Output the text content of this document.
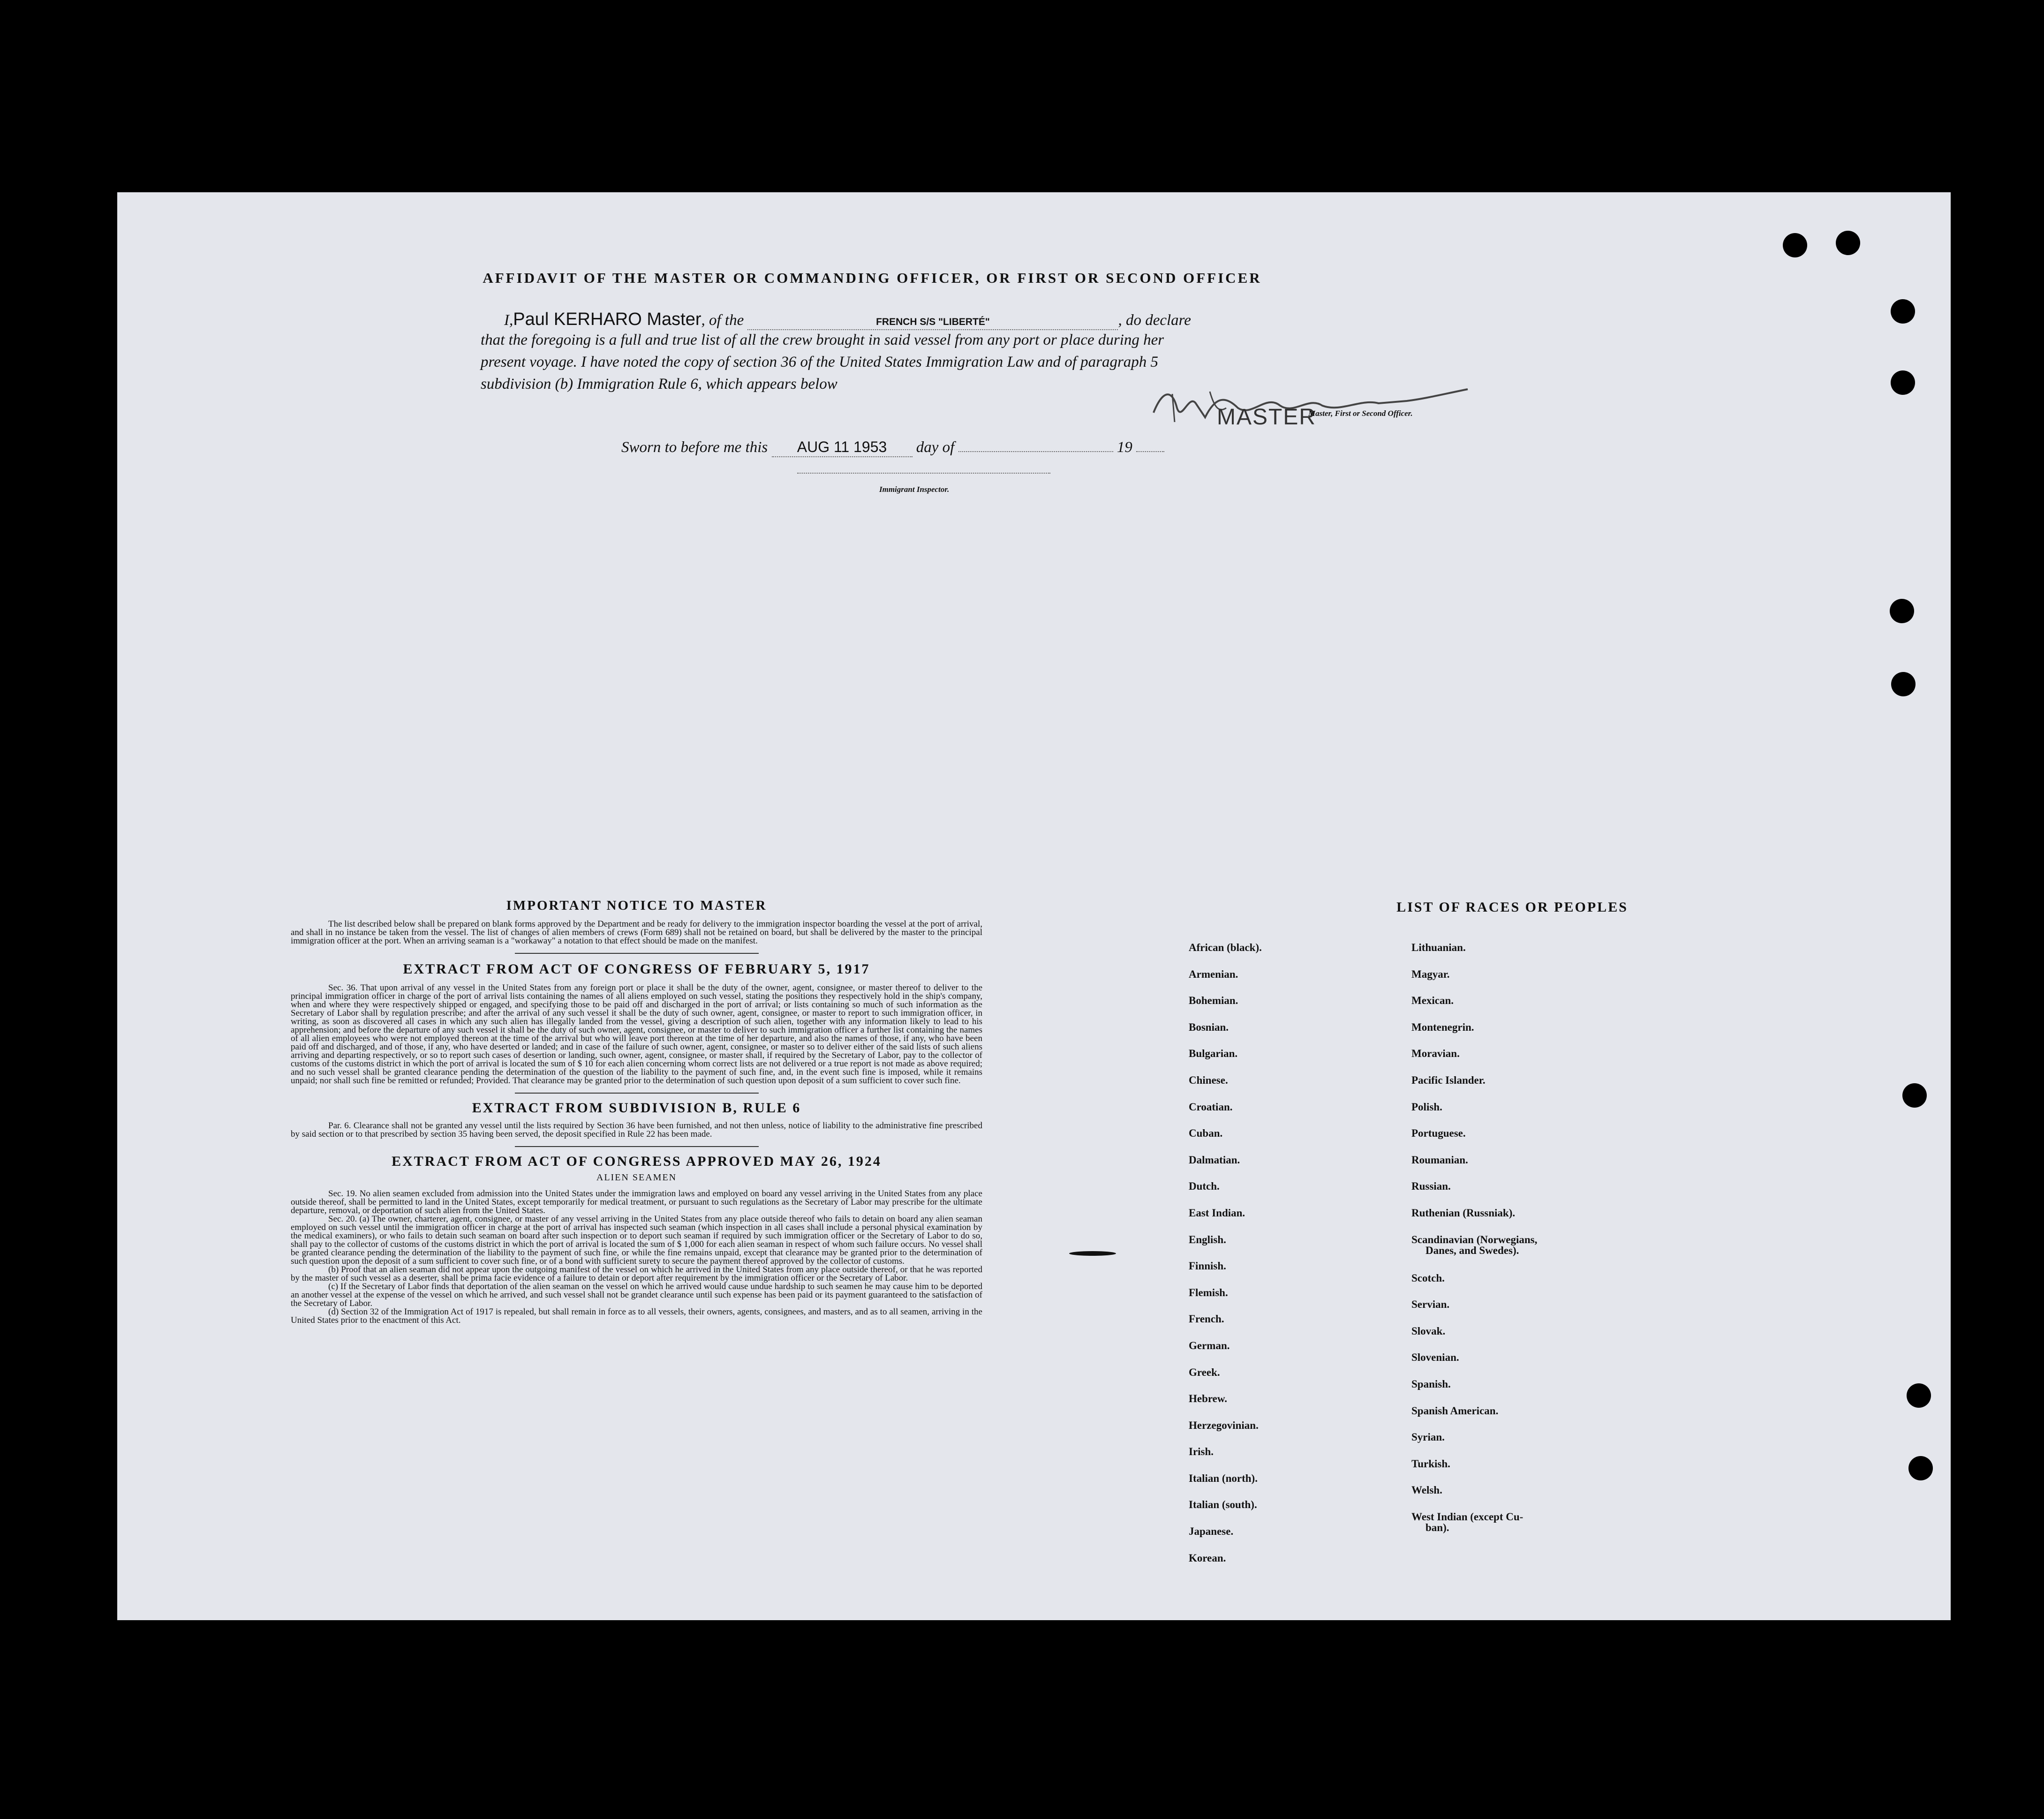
AFFIDAVIT OF THE MASTER OR COMMANDING OFFICER, OR FIRST OR SECOND OFFICER
I,Paul KERHARO Master, of the	FRENCH S/S "LIBERTÉ"	, do declare
that the foregoing is a full and true list of all the crew brought in said vessel from any port or place during her
present voyage. I have noted the copy of section 36 of the United States Immigration Law and of paragraph 5
subdivision (b) Immigration Rule 6, which appears below
MASTER
Master, First or Second Officer.
Sworn to before me this AUG 11 1953 day of	19
Immigrant Inspector.
IMPORTANT NOTICE TO MASTER

The list described below shall be prepared on blank forms approved by the Department and be ready for delivery to the immigration inspector boarding the vessel at the port of arrival, and shall in no instance be taken from the vessel. The list of changes of alien members of crews (Form 689) shall not be retained on board, but shall be delivered by the master to the principal immigration officer at the port. When an arriving seaman is a "workaway" a notation to that effect should be made on the manifest.

EXTRACT FROM ACT OF CONGRESS OF FEBRUARY 5, 1917

Sec. 36. That upon arrival of any vessel in the United States from any foreign port or place it shall be the duty of the owner, agent, consignee, or master thereof to deliver to the principal immigration officer in charge of the port of arrival lists containing the names of all aliens employed on such vessel, stating the positions they respectively hold in the ship's company, when and where they were respectively shipped or engaged, and specifying those to be paid off and discharged in the port of arrival; or lists containing so much of such information as the Secretary of Labor shall by regulation prescribe; and after the arrival of any such vessel it shall be the duty of such owner, agent, consignee, or master to report to such immigration officer, in writing, as soon as discovered all cases in which any such alien has illegally landed from the vessel, giving a description of such alien, together with any information likely to lead to his apprehension; and before the departure of any such vessel it shall be the duty of such owner, agent, consignee, or master to deliver to such immigration officer a further list containing the names of all alien employees who were not employed thereon at the time of the arrival but who will leave port thereon at the time of her departure, and also the names of those, if any, who have been paid off and discharged, and of those, if any, who have deserted or landed; and in case of the failure of such owner, agent, consignee, or master so to deliver either of the said lists of such aliens arriving and departing respectively, or so to report such cases of desertion or landing, such owner, agent, consignee, or master shall, if required by the Secretary of Labor, pay to the collector of customs of the customs district in which the port of arrival is located the sum of $ 10 for each alien concerning whom correct lists are not delivered or a true report is not made as above required; and no such vessel shall be granted clearance pending the determination of the question of the liability to the payment of such fine, and, in the event such fine is imposed, while it remains unpaid; nor shall such fine be remitted or refunded; Provided. That clearance may be granted prior to the determination of such question upon deposit of a sum sufficient to cover such fine.

EXTRACT FROM SUBDIVISION B, RULE 6

Par. 6. Clearance shall not be granted any vessel until the lists required by Section 36 have been furnished, and not then unless, notice of liability to the administrative fine prescribed by said section or to that prescribed by section 35 having been served, the deposit specified in Rule 22 has been made.

EXTRACT FROM ACT OF CONGRESS APPROVED MAY 26, 1924
ALIEN SEAMEN

Sec. 19. No alien seamen excluded from admission into the United States under the immigration laws and employed on board any vessel arriving in the United States from any place outside thereof, shall be permitted to land in the United States, except temporarily for medical treatment, or pursuant to such regulations as the Secretary of Labor may prescribe for the ultimate departure, removal, or deportation of such alien from the United States.

Sec. 20. (a) The owner, charterer, agent, consignee, or master of any vessel arriving in the United States from any place outside thereof who fails to detain on board any alien seaman employed on such vessel until the immigration officer in charge at the port of arrival has inspected such seaman (which inspection in all cases shall include a personal physical examination by the medical examiners), or who fails to detain such seaman on board after such inspection or to deport such seaman if required by such immigration officer or the Secretary of Labor to do so, shall pay to the collector of customs of the customs district in which the port of arrival is located the sum of $ 1,000 for each alien seaman in respect of whom such failure occurs. No vessel shall be granted clearance pending the determination of the liability to the payment of such fine, or while the fine remains unpaid, except that clearance may be granted prior to the determination of such question upon the deposit of a sum sufficient to cover such fine, or of a bond with sufficient surety to secure the payment thereof approved by the collector of customs.

(b) Proof that an alien seaman did not appear upon the outgoing manifest of the vessel on which he arrived in the United States from any place outside thereof, or that he was reported by the master of such vessel as a deserter, shall be prima facie evidence of a failure to detain or deport after requirement by the immigration officer or the Secretary of Labor.

(c) If the Secretary of Labor finds that deportation of the alien seaman on the vessel on which he arrived would cause undue hardship to such seamen he may cause him to be deported an another vessel at the expense of the vessel on which he arrived, and such vessel shall not be grandet clearance until such expense has been paid or its payment guaranteed to the satisfaction of the Secretary of Labor.

(d) Section 32 of the Immigration Act of 1917 is repealed, but shall remain in force as to all vessels, their owners, agents, consignees, and masters, and as to all seamen, arriving in the United States prior to the enactment of this Act.

LIST OF RACES OR PEOPLES
African (black).
Armenian.
Bohemian.
Bosnian.
Bulgarian.
Chinese.
Croatian.
Cuban.
Dalmatian.
Dutch.
East Indian.
English.
Finnish.
Flemish.
French.
German.
Greek.
Hebrew.
Herzegovinian.
Irish.
Italian (north).
Italian (south).
Japanese.
Korean.
Lithuanian.
Magyar.
Mexican.
Montenegrin.
Moravian.
Pacific Islander.
Polish.
Portuguese.
Roumanian.
Russian.
Ruthenian (Russniak).
Scandinavian (Norwegians,
Danes, and Swedes).
Scotch.
Servian.
Slovak.
Slovenian.
Spanish.
Spanish American.
Syrian.
Turkish.
Welsh.
West Indian (except Cu-
ban).
